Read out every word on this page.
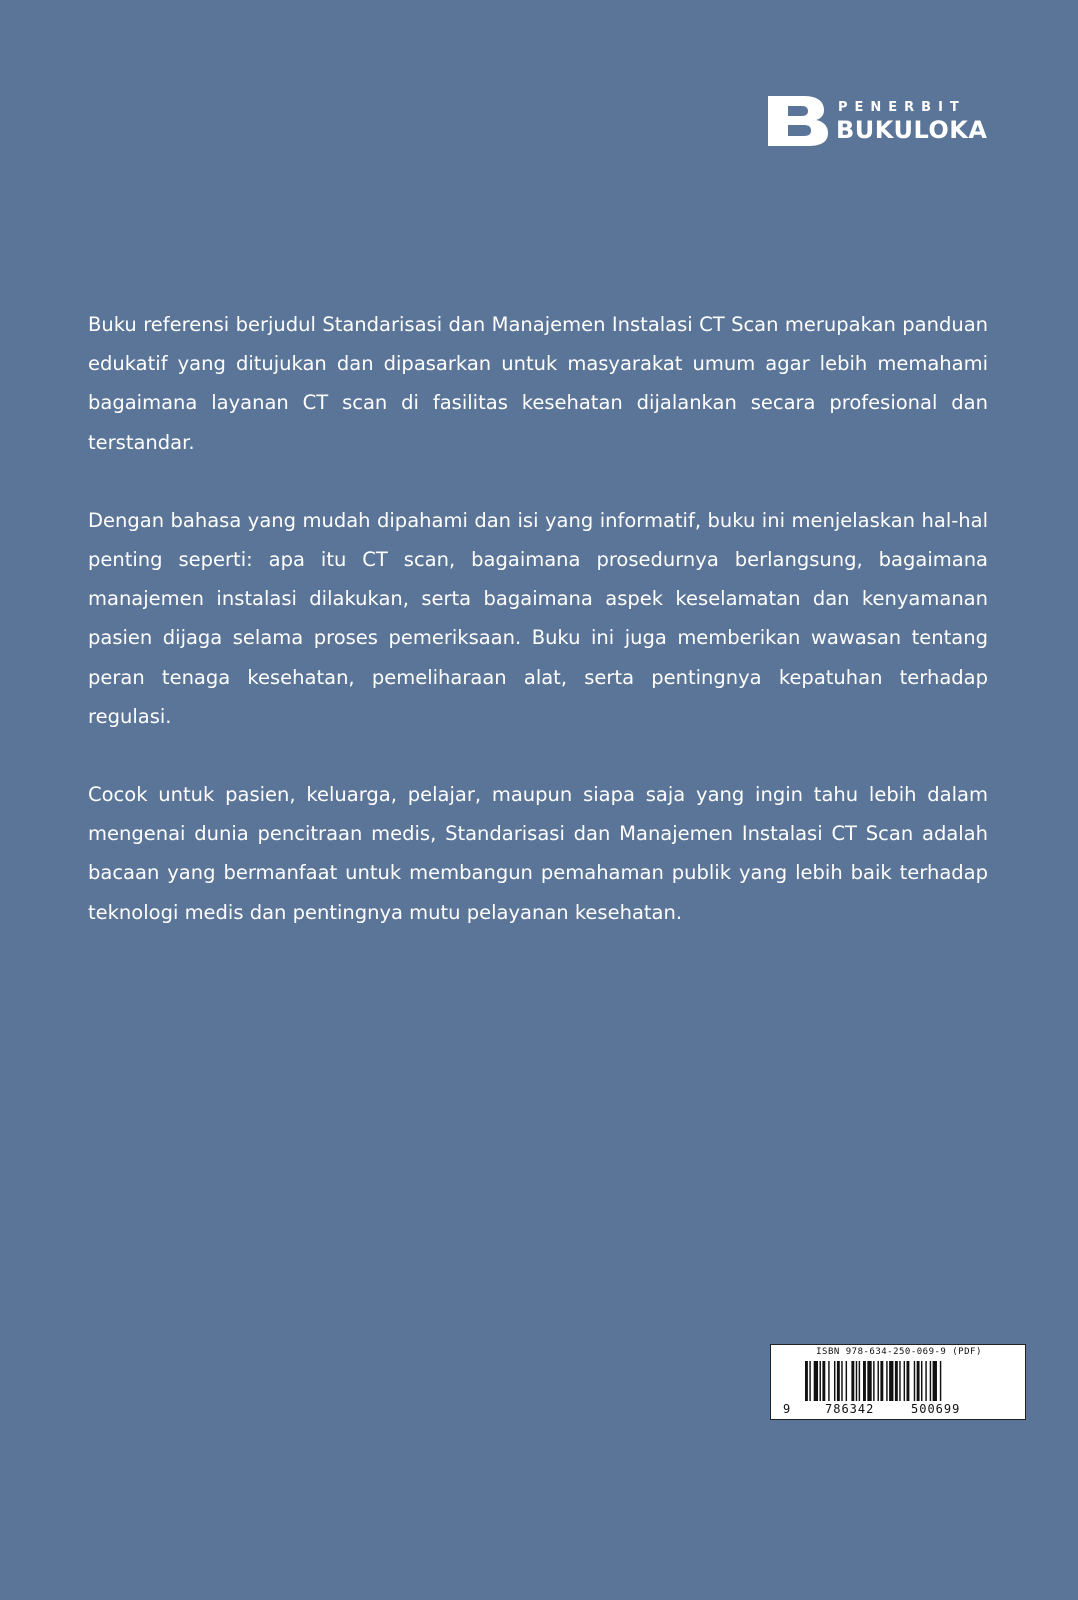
PENERBIT
BUKULOKA

Buku referensi berjudul Standarisasi dan Manajemen Instalasi CT Scan merupakan panduan edukatif yang ditujukan dan dipasarkan untuk masyarakat umum agar lebih memahami bagaimana layanan CT scan di fasilitas kesehatan dijalankan secara profesional dan terstandar.

Dengan bahasa yang mudah dipahami dan isi yang informatif, buku ini menjelaskan hal-hal penting seperti: apa itu CT scan, bagaimana prosedurnya berlangsung, bagaimana manajemen instalasi dilakukan, serta bagaimana aspek keselamatan dan kenyamanan pasien dijaga selama proses pemeriksaan. Buku ini juga memberikan wawasan tentang peran tenaga kesehatan, pemeliharaan alat, serta pentingnya kepatuhan terhadap regulasi.

Cocok untuk pasien, keluarga, pelajar, maupun siapa saja yang ingin tahu lebih dalam mengenai dunia pencitraan medis, Standarisasi dan Manajemen Instalasi CT Scan adalah bacaan yang bermanfaat untuk membangun pemahaman publik yang lebih baik terhadap teknologi medis dan pentingnya mutu pelayanan kesehatan.

ISBN 978-634-250-069-9 (PDF)
9	786342	500699
